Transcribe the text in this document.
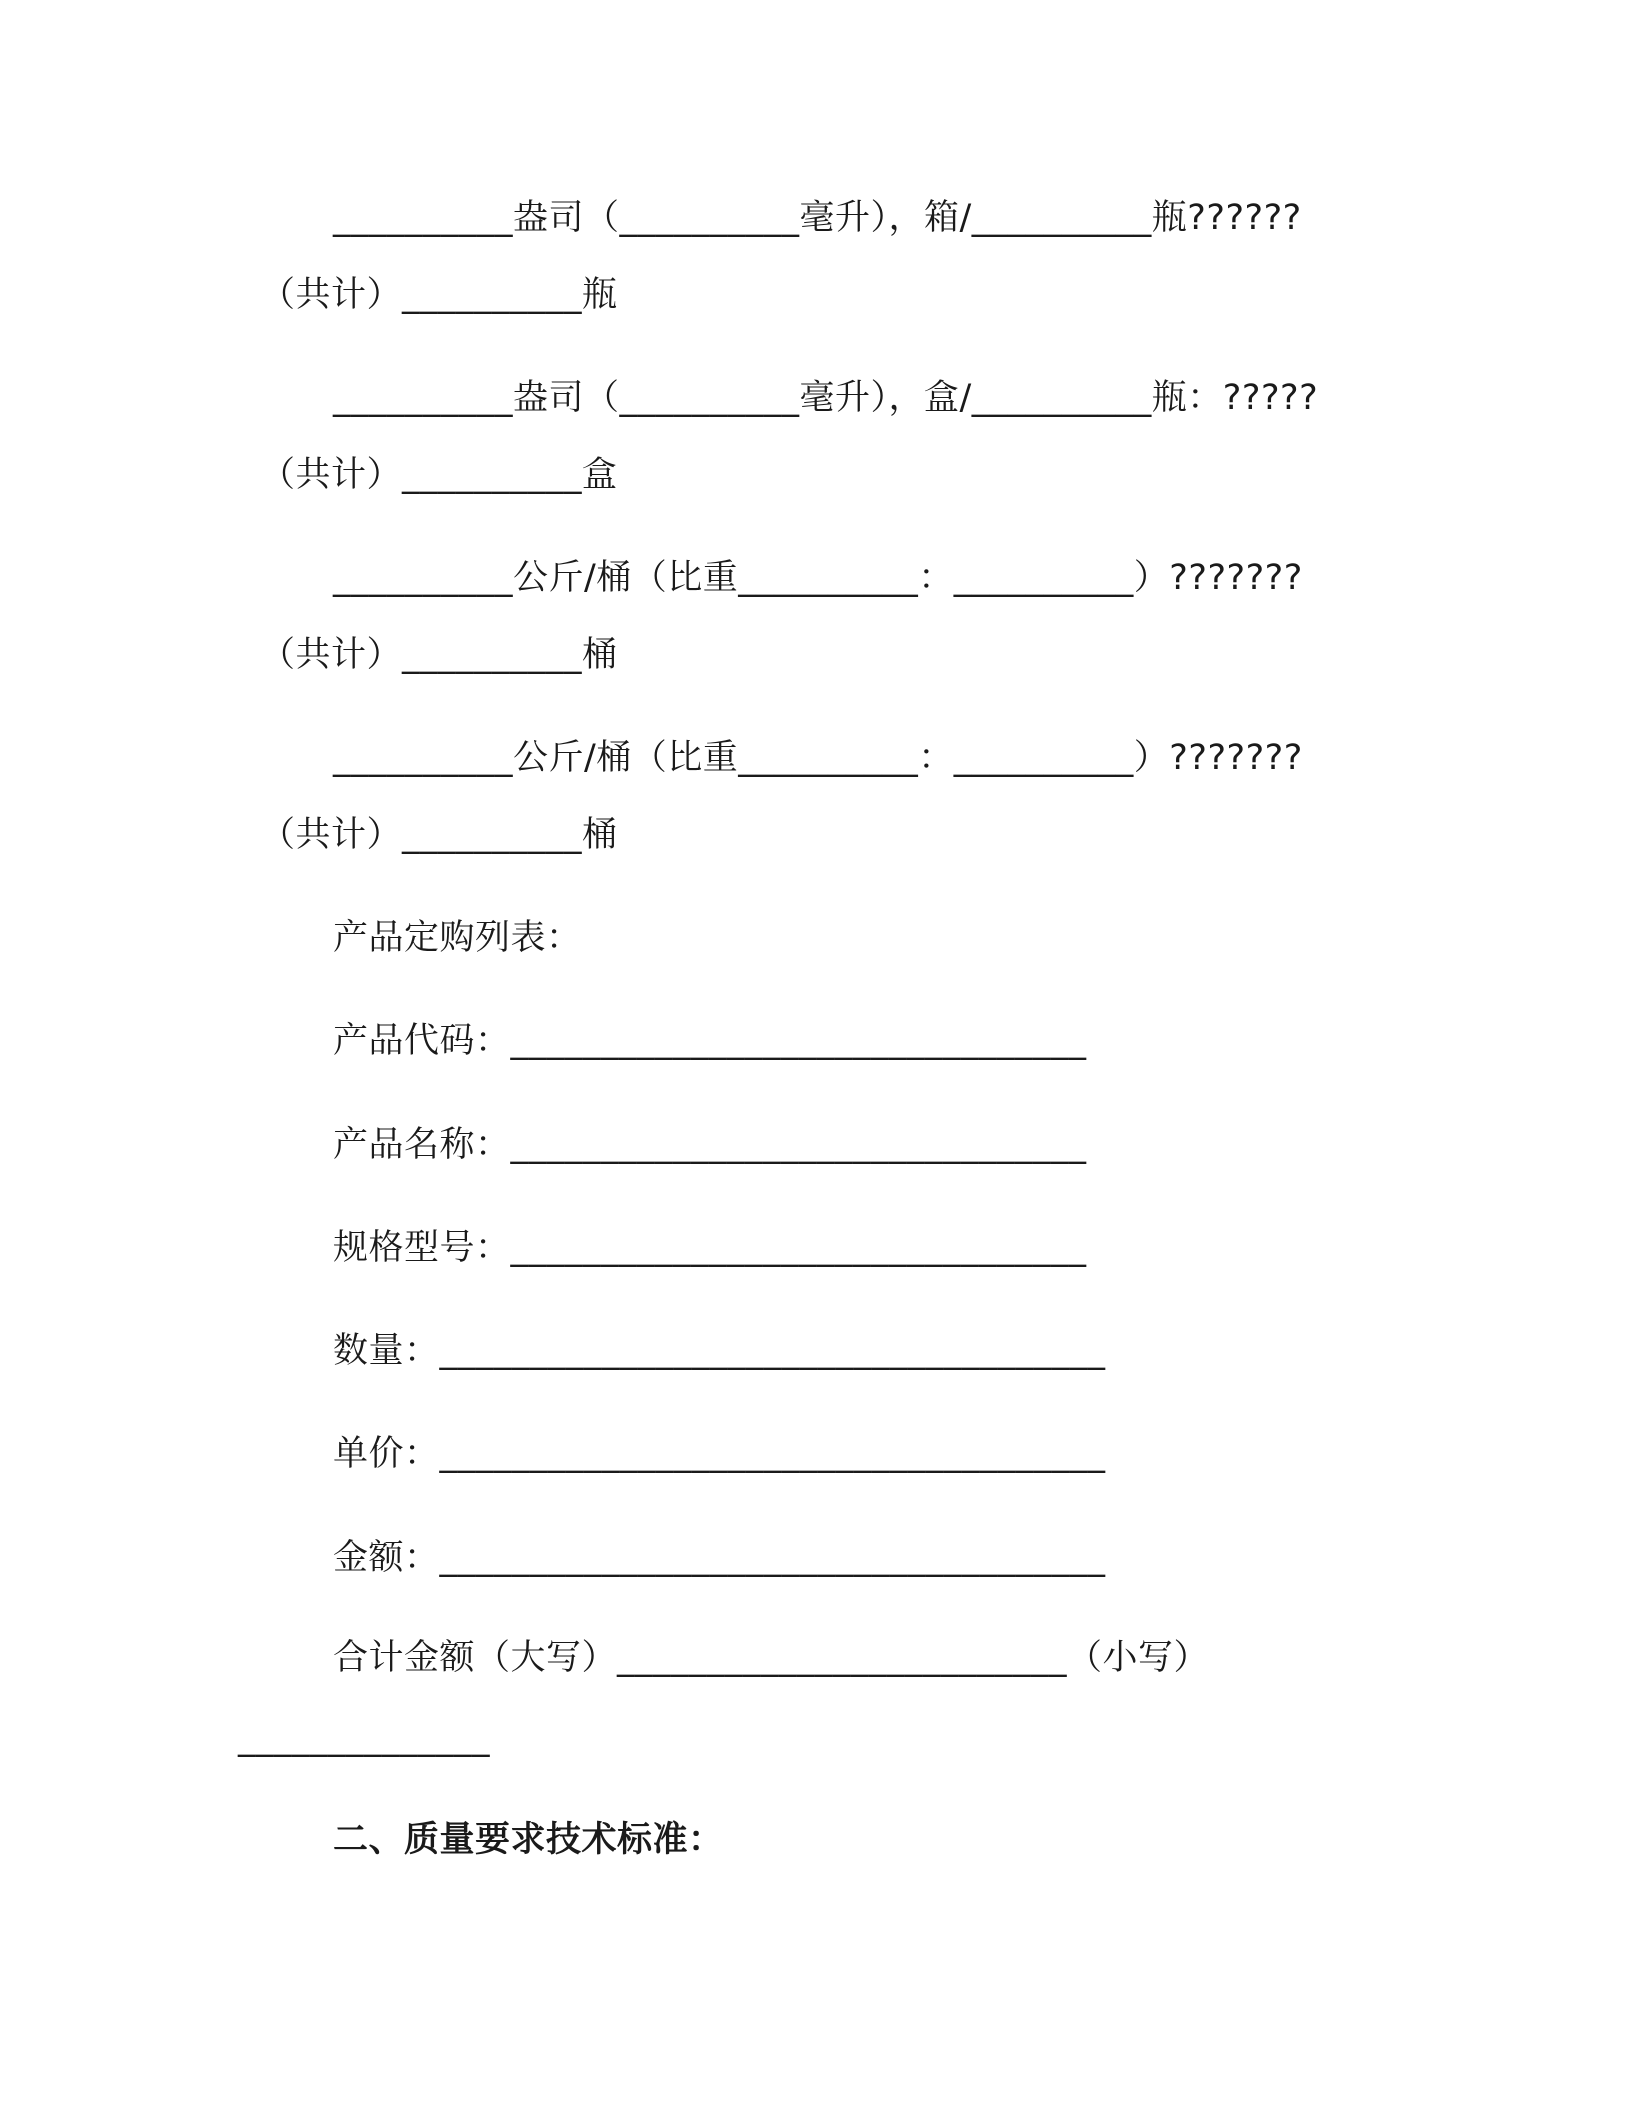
__________盎司（__________毫升），箱/__________瓶??????
（共计）__________瓶
__________盎司（__________毫升），盒/__________瓶：?????
（共计）__________盒
__________公斤/桶（比重__________：__________）???????
（共计）__________桶
__________公斤/桶（比重__________：__________）???????
（共计）__________桶
产品定购列表：
产品代码：________________________________
产品名称：________________________________
规格型号：________________________________
数量：_____________________________________
单价：_____________________________________
金额：_____________________________________
合计金额（大写）_________________________（小写）
______________
二、质量要求技术标准：
